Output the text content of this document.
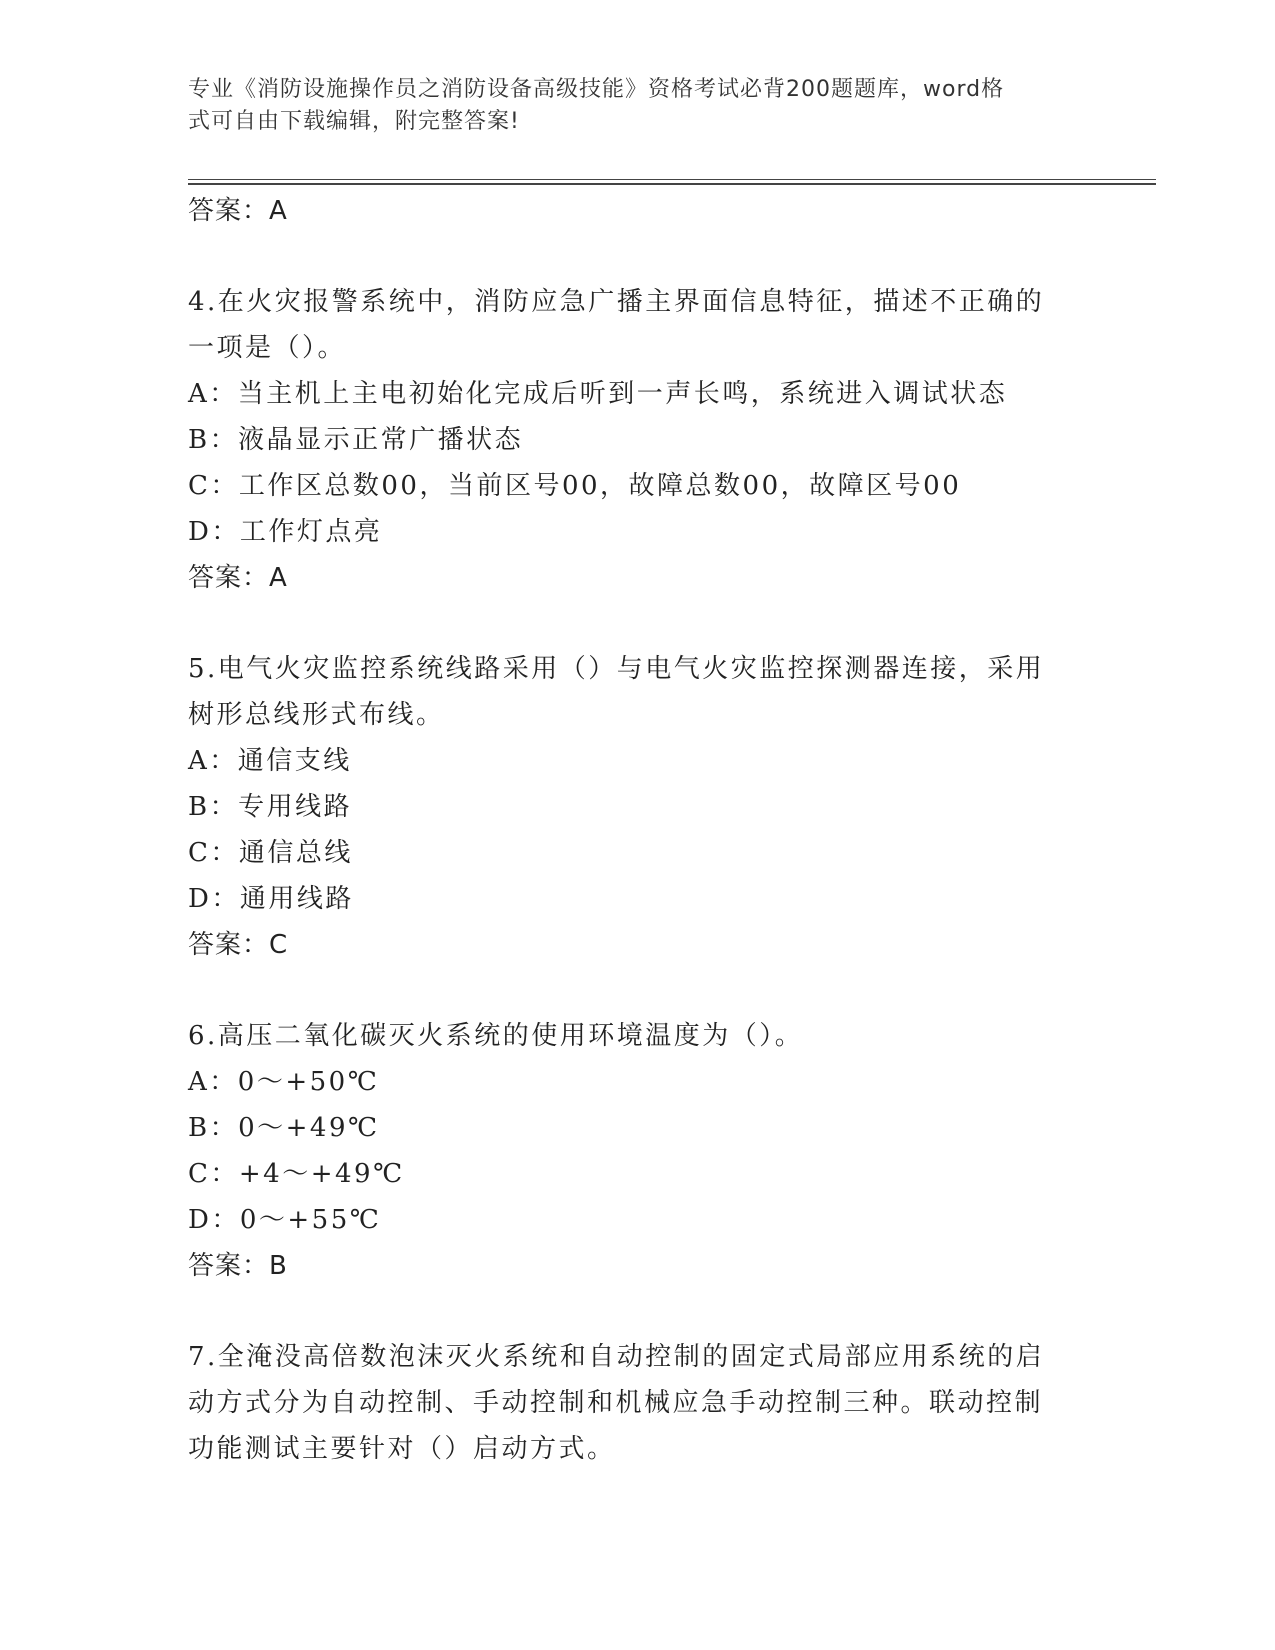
专业《消防设施操作员之消防设备高级技能》资格考试必背200题题库，word格
式可自由下载编辑，附完整答案!
答案：A
4.在火灾报警系统中，消防应急广播主界面信息特征，描述不正确的
一项是（）。
A：当主机上主电初始化完成后听到一声长鸣，系统进入调试状态
B：液晶显示正常广播状态
C：工作区总数00，当前区号00，故障总数00，故障区号00
D：工作灯点亮
答案：A
5.电气火灾监控系统线路采用（）与电气火灾监控探测器连接，采用
树形总线形式布线。
A：通信支线
B：专用线路
C：通信总线
D：通用线路
答案：C
6.高压二氧化碳灭火系统的使用环境温度为（）。
A：0～+50℃
B：0～+49℃
C：+4～+49℃
D：0～+55℃
答案：B
7.全淹没高倍数泡沫灭火系统和自动控制的固定式局部应用系统的启
动方式分为自动控制、手动控制和机械应急手动控制三种。联动控制
功能测试主要针对（）启动方式。
